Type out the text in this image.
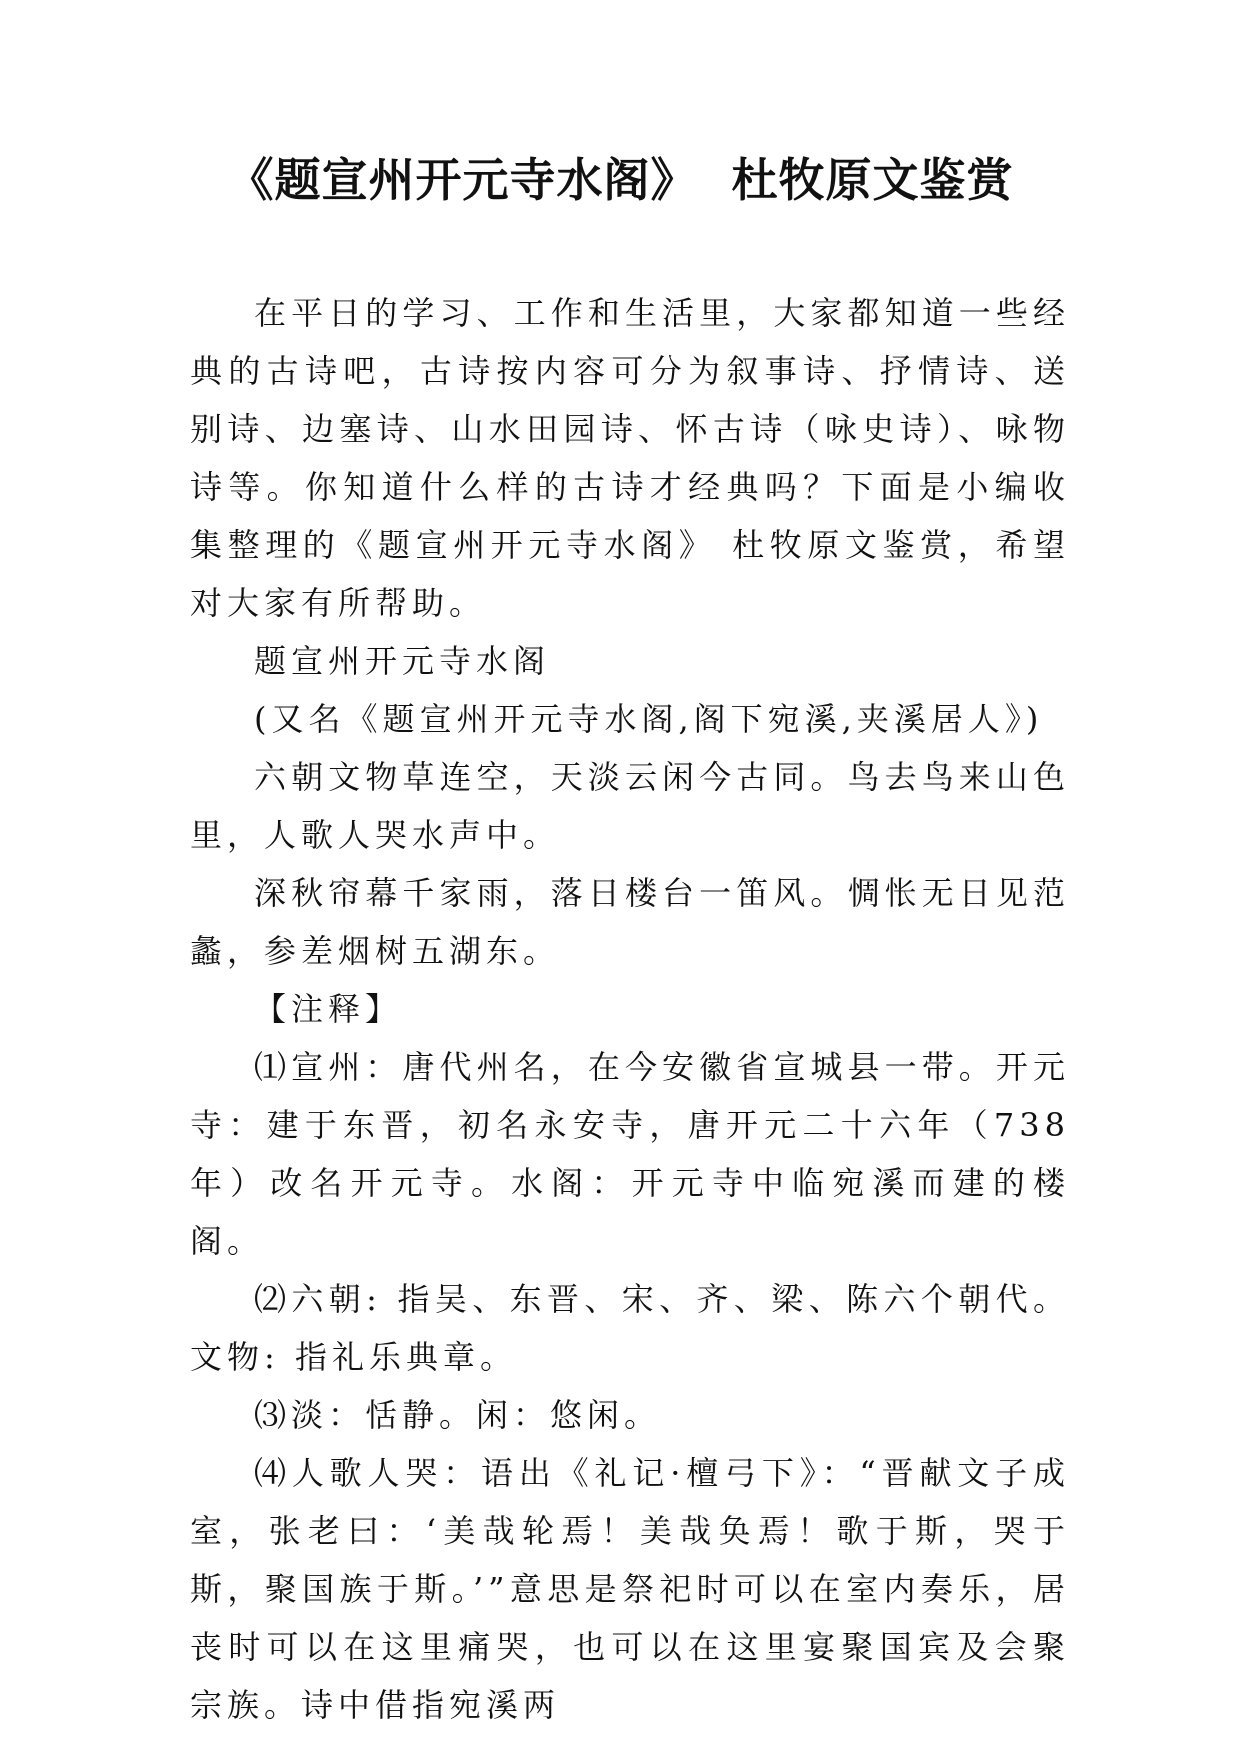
《题宣州开元寺水阁》  杜牧原文鉴赏

在平日的学习、工作和生活里，大家都知道一些经典的古诗吧，古诗按内容可分为叙事诗、抒情诗、送别诗、边塞诗、山水田园诗、怀古诗（咏史诗）、咏物诗等。你知道什么样的古诗才经典吗？下面是小编收集整理的《题宣州开元寺水阁》 杜牧原文鉴赏，希望对大家有所帮助。

题宣州开元寺水阁

(又名《题宣州开元寺水阁,阁下宛溪,夹溪居人》)

六朝文物草连空，天淡云闲今古同。鸟去鸟来山色里，人歌人哭水声中。

深秋帘幕千家雨，落日楼台一笛风。惆怅无日见范蠡，参差烟树五湖东。

【注释】

⑴宣州：唐代州名，在今安徽省宣城县一带。开元寺：建于东晋，初名永安寺，唐开元二十六年（738 年）改名开元寺。水阁：开元寺中临宛溪而建的楼阁。

⑵六朝: 指吴、东晋、宋、齐、梁、陈六个朝代。文物: 指礼乐典章。

⑶淡：恬静。闲：悠闲。

⑷人歌人哭：语出《礼记·檀弓下》：“晋献文子成室，张老曰：‘美哉轮焉！美哉奂焉！歌于斯，哭于斯，聚国族于斯。’”意思是祭祀时可以在室内奏乐，居丧时可以在这里痛哭，也可以在这里宴聚国宾及会聚宗族。诗中借指宛溪两
